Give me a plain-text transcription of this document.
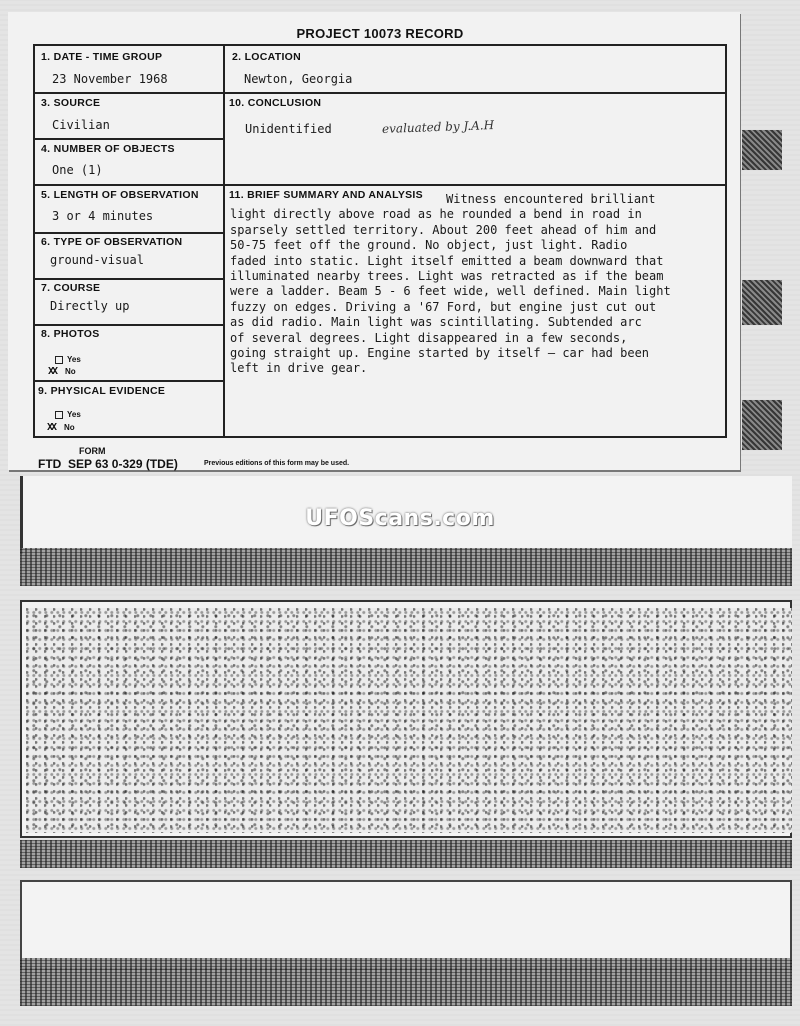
PROJECT 10073 RECORD
1. DATE - TIME GROUP
23 November 1968
2. LOCATION
Newton, Georgia
3. SOURCE
Civilian
10. CONCLUSION
Unidentified	evaluated by J.A.H
4. NUMBER OF OBJECTS
One (1)
5. LENGTH OF OBSERVATION
3 or 4 minutes
11. BRIEF SUMMARY AND ANALYSIS
6. TYPE OF OBSERVATION
ground-visual
7. COURSE
Directly up
8. PHOTOS
Yes
XX No
9. PHYSICAL EVIDENCE
Yes
XX No
Witness encountered brilliant
light directly above road as he rounded a bend in road in
sparsely settled territory. About 200 feet ahead of him and
50-75 feet off the ground. No object, just light. Radio
faded into static. Light itself emitted a beam downward that
illuminated nearby trees. Light was retracted as if the beam
were a ladder. Beam 5 - 6 feet wide, well defined. Main light
fuzzy on edges. Driving a '67 Ford, but engine just cut out
as did radio. Main light was scintillating. Subtended arc
of several degrees. Light disappeared in a few seconds,
going straight up. Engine started by itself — car had been
left in drive gear.
FORM
FTD  SEP 63 0-329 (TDE)	Previous editions of this form may be used.
UFOScans.com
